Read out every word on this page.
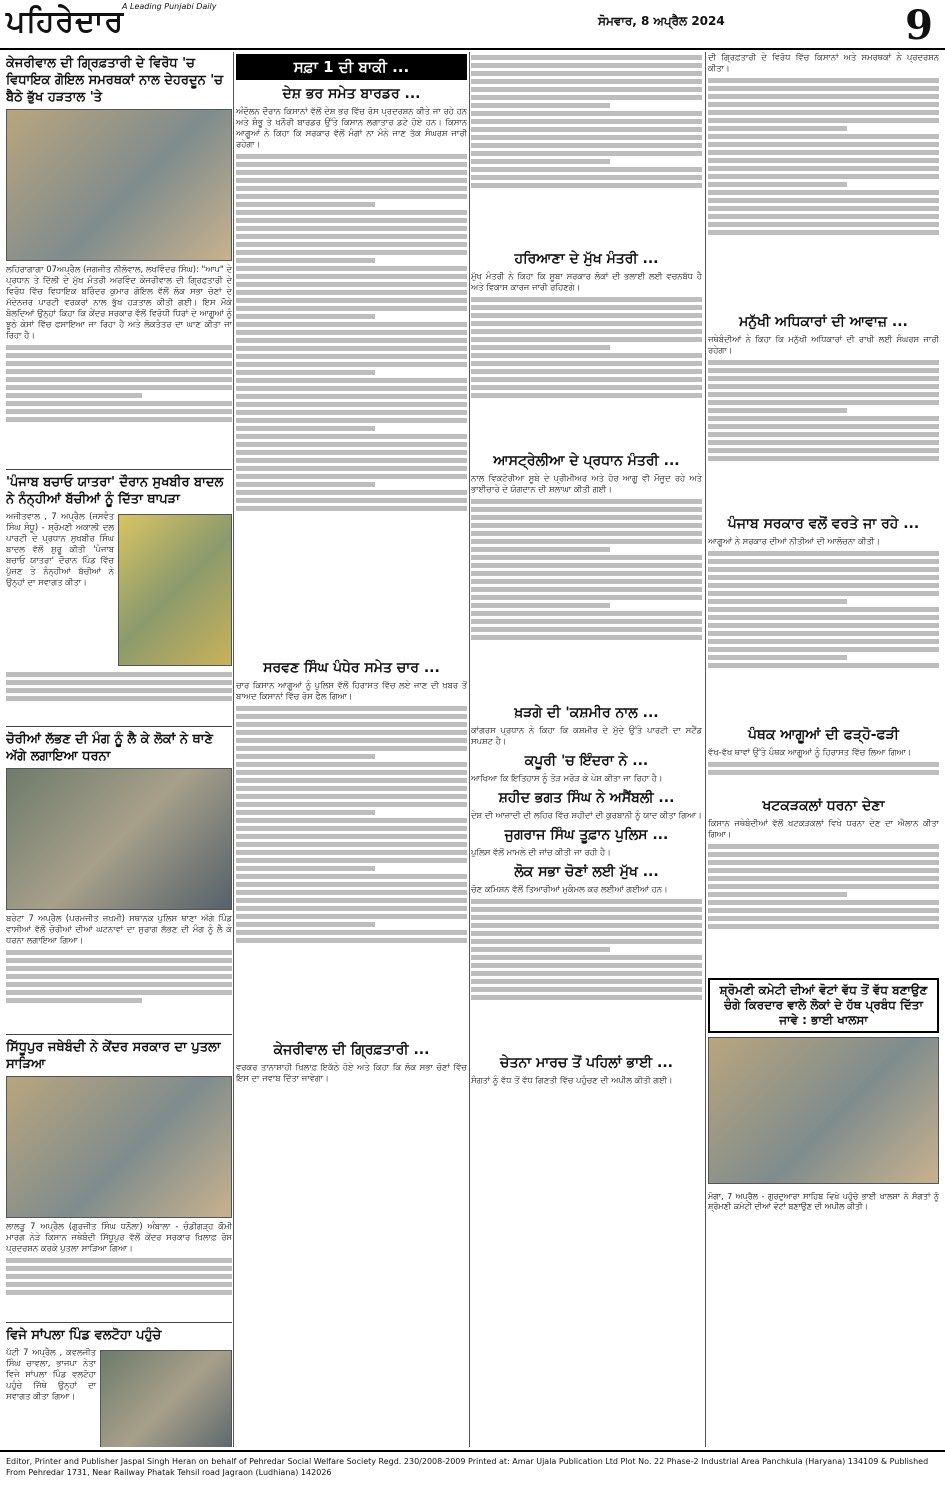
ਪਹਿਰੇਦਾਰ
A Leading Punjabi Daily
ਸੋਮਵਾਰ, 8 ਅਪ੍ਰੈਲ 2024	9
ਕੇਜਰੀਵਾਲ ਦੀ ਗ੍ਰਿਫ਼ਤਾਰੀ ਦੇ ਵਿਰੋਧ 'ਚ ਵਿਧਾਇਕ ਗੋਇਲ ਸਮਰਥਕਾਂ ਨਾਲ ਦੇਹਰਦੂਨ 'ਚ ਬੈਠੇ ਭੁੱਖ ਹੜਤਾਲ 'ਤੇ

ਲਹਿਰਾਗਾਗਾ 07ਅਪ੍ਰੈਲ (ਜਗਜੀਤ ਨੀਲੋਵਾਲ, ਲਖਵਿੰਦਰ ਸਿੰਘ): "ਆਪ" ਦੇ ਪ੍ਰਧਾਨ ਤੇ ਦਿੱਲੀ ਦੇ ਮੁੱਖ ਮੰਤਰੀ ਅਰਵਿੰਦ ਕੇਜਰੀਵਾਲ ਦੀ ਗ੍ਰਿਫਤਾਰੀ ਦੇ ਵਿਰੋਧ ਵਿੱਚ ਵਿਧਾਇਕ ਬਰਿੰਦਰ ਕੁਮਾਰ ਗੋਇਲ ਵੱਲੋਂ ਲੋਕ ਸਭਾ ਚੋਣਾਂ ਦੇ ਮੱਦੇਨਜ਼ਰ ਪਾਰਟੀ ਵਰਕਰਾਂ ਨਾਲ ਭੁੱਖ ਹੜਤਾਲ ਕੀਤੀ ਗਈ। ਇਸ ਮੌਕੇ ਬੋਲਦਿਆਂ ਉਨ੍ਹਾਂ ਕਿਹਾ ਕਿ ਕੇਂਦਰ ਸਰਕਾਰ ਵੱਲੋਂ ਵਿਰੋਧੀ ਧਿਰਾਂ ਦੇ ਆਗੂਆਂ ਨੂੰ ਝੂਠੇ ਕੇਸਾਂ ਵਿੱਚ ਫਸਾਇਆ ਜਾ ਰਿਹਾ ਹੈ ਅਤੇ ਲੋਕਤੰਤਰ ਦਾ ਘਾਣ ਕੀਤਾ ਜਾ ਰਿਹਾ ਹੈ।

'ਪੰਜਾਬ ਬਚਾਓ ਯਾਤਰਾ' ਦੌਰਾਨ ਸੁਖਬੀਰ ਬਾਦਲ ਨੇ ਨੰਨ੍ਹੀਆਂ ਬੱਚੀਆਂ ਨੂੰ ਦਿੱਤਾ ਥਾਪੜਾ

ਅਜੀਤਵਾਲ , 7 ਅਪ੍ਰੈਲ (ਜਸਵੰਤ ਸਿੰਘ ਸੰਧੂ) - ਸ਼੍ਰੋਮਣੀ ਅਕਾਲੀ ਦਲ ਪਾਰਟੀ ਦੇ ਪ੍ਰਧਾਨ ਸੁਖਬੀਰ ਸਿੰਘ ਬਾਦਲ ਵੱਲੋਂ ਸ਼ੁਰੂ ਕੀਤੀ 'ਪੰਜਾਬ ਬਚਾਓ ਯਾਤਰਾ' ਦੌਰਾਨ ਪਿੰਡ ਵਿੱਚ ਪੁੱਜਣ ਤੇ ਨੰਨ੍ਹੀਆਂ ਬੱਚੀਆਂ ਨੇ ਉਨ੍ਹਾਂ ਦਾ ਸਵਾਗਤ ਕੀਤਾ।

ਚੋਰੀਆਂ ਲੱਭਣ ਦੀ ਮੰਗ ਨੂੰ ਲੈ ਕੇ ਲੋਕਾਂ ਨੇ ਥਾਣੇ ਅੱਗੇ ਲਗਾਇਆ ਧਰਨਾ

ਬਰੇਟਾ 7 ਅਪ੍ਰੈਲ (ਪਰਮਜੀਤ ਜ਼ਖ਼ਮੀ) ਸਥਾਨਕ ਪੁਲਿਸ ਥਾਣਾ ਅੱਗੇ ਪਿੰਡ ਵਾਸੀਆਂ ਵੱਲੋਂ ਚੋਰੀਆਂ ਦੀਆਂ ਘਟਨਾਵਾਂ ਦਾ ਸੁਰਾਗ ਲੱਭਣ ਦੀ ਮੰਗ ਨੂੰ ਲੈ ਕੇ ਧਰਨਾ ਲਗਾਇਆ ਗਿਆ।

ਸਿੱਧੂਪੁਰ ਜਥੇਬੰਦੀ ਨੇ ਕੇਂਦਰ ਸਰਕਾਰ ਦਾ ਪੁਤਲਾ ਸਾੜਿਆ

ਲਾਲੜੂ 7 ਅਪ੍ਰੈਲ (ਗੁਰਜੀਤ ਸਿੰਘ ਧਨੌਲਾ) ਅੰਬਾਲਾ - ਚੰਡੀਗੜ੍ਹ ਕੌਮੀ ਮਾਰਗ ਨੇੜੇ ਕਿਸਾਨ ਜਥੇਬੰਦੀ ਸਿੱਧੂਪੁਰ ਵੱਲੋਂ ਕੇਂਦਰ ਸਰਕਾਰ ਖ਼ਿਲਾਫ਼ ਰੋਸ ਪ੍ਰਦਰਸ਼ਨ ਕਰਕੇ ਪੁਤਲਾ ਸਾੜਿਆ ਗਿਆ।

ਵਿਜੇ ਸਾਂਪਲਾ ਪਿੰਡ ਵਲਟੋਹਾ ਪਹੁੰਚੇ

ਪੱਟੀ 7 ਅਪ੍ਰੈਲ , ਕਵਲਜੀਤ ਸਿੰਘ ਚਾਵਲਾ, ਭਾਜਪਾ ਨੇਤਾ ਵਿਜੇ ਸਾਂਪਲਾ ਪਿੰਡ ਵਲਟੋਹਾ ਪਹੁੰਚੇ ਜਿੱਥੇ ਉਨ੍ਹਾਂ ਦਾ ਸਵਾਗਤ ਕੀਤਾ ਗਿਆ।

ਸਫ਼ਾ 1 ਦੀ ਬਾਕੀ ...
ਦੇਸ਼ ਭਰ ਸਮੇਤ ਬਾਰਡਰ ...

ਅੰਦੋਲਨ ਦੌਰਾਨ ਕਿਸਾਨਾਂ ਵੱਲੋਂ ਦੇਸ਼ ਭਰ ਵਿੱਚ ਰੋਸ ਪ੍ਰਦਰਸ਼ਨ ਕੀਤੇ ਜਾ ਰਹੇ ਹਨ ਅਤੇ ਸ਼ੰਭੂ ਤੇ ਖਨੌਰੀ ਬਾਰਡਰ ਉੱਤੇ ਕਿਸਾਨ ਲਗਾਤਾਰ ਡਟੇ ਹੋਏ ਹਨ। ਕਿਸਾਨ ਆਗੂਆਂ ਨੇ ਕਿਹਾ ਕਿ ਸਰਕਾਰ ਵੱਲੋਂ ਮੰਗਾਂ ਨਾ ਮੰਨੇ ਜਾਣ ਤੱਕ ਸੰਘਰਸ਼ ਜਾਰੀ ਰਹੇਗਾ।

ਸਰਵਣ ਸਿੰਘ ਪੰਧੇਰ ਸਮੇਤ ਚਾਰ ...

ਚਾਰ ਕਿਸਾਨ ਆਗੂਆਂ ਨੂੰ ਪੁਲਿਸ ਵੱਲੋਂ ਹਿਰਾਸਤ ਵਿੱਚ ਲਏ ਜਾਣ ਦੀ ਖ਼ਬਰ ਤੋਂ ਬਾਅਦ ਕਿਸਾਨਾਂ ਵਿੱਚ ਰੋਸ ਫੈਲ ਗਿਆ।

ਕੇਜਰੀਵਾਲ ਦੀ ਗ੍ਰਿਫ਼ਤਾਰੀ ...

ਵਰਕਰ ਤਾਨਾਸ਼ਾਹੀ ਖ਼ਿਲਾਫ਼ ਇਕੱਠੇ ਹੋਏ ਅਤੇ ਕਿਹਾ ਕਿ ਲੋਕ ਸਭਾ ਚੋਣਾਂ ਵਿੱਚ ਇਸ ਦਾ ਜਵਾਬ ਦਿੱਤਾ ਜਾਵੇਗਾ।

ਹਰਿਆਣਾ ਦੇ ਮੁੱਖ ਮੰਤਰੀ ...

ਮੁੱਖ ਮੰਤਰੀ ਨੇ ਕਿਹਾ ਕਿ ਸੂਬਾ ਸਰਕਾਰ ਲੋਕਾਂ ਦੀ ਭਲਾਈ ਲਈ ਵਚਨਬੱਧ ਹੈ ਅਤੇ ਵਿਕਾਸ ਕਾਰਜ ਜਾਰੀ ਰਹਿਣਗੇ।

ਆਸਟ੍ਰੇਲੀਆ ਦੇ ਪ੍ਰਧਾਨ ਮੰਤਰੀ ...

ਨਾਲ ਵਿਕਟੋਰੀਆ ਸੂਬੇ ਦੇ ਪ੍ਰੀਮੀਅਰ ਅਤੇ ਹੋਰ ਆਗੂ ਵੀ ਮੌਜੂਦ ਰਹੇ ਅਤੇ ਭਾਈਚਾਰੇ ਦੇ ਯੋਗਦਾਨ ਦੀ ਸ਼ਲਾਘਾ ਕੀਤੀ ਗਈ।

ਖ਼ੜਗੇ ਦੀ 'ਕਸ਼ਮੀਰ ਨਾਲ ...

ਕਾਂਗਰਸ ਪ੍ਰਧਾਨ ਨੇ ਕਿਹਾ ਕਿ ਕਸ਼ਮੀਰ ਦੇ ਮੁੱਦੇ ਉੱਤੇ ਪਾਰਟੀ ਦਾ ਸਟੈਂਡ ਸਪਸ਼ਟ ਹੈ।

ਕਪੂਰੀ 'ਚ ਇੰਦਰਾ ਨੇ ...

ਆਖਿਆ ਕਿ ਇਤਿਹਾਸ ਨੂੰ ਤੋੜ ਮਰੋੜ ਕੇ ਪੇਸ਼ ਕੀਤਾ ਜਾ ਰਿਹਾ ਹੈ।

ਸ਼ਹੀਦ ਭਗਤ ਸਿੰਘ ਨੇ ਅਸੈਂਬਲੀ ...

ਦੇਸ਼ ਦੀ ਆਜ਼ਾਦੀ ਦੀ ਲਹਿਰ ਵਿੱਚ ਸ਼ਹੀਦਾਂ ਦੀ ਕੁਰਬਾਨੀ ਨੂੰ ਯਾਦ ਕੀਤਾ ਗਿਆ।

ਜੁਗਰਾਜ ਸਿੰਘ ਤੂਫ਼ਾਨ ਪੁਲਿਸ ...

ਪੁਲਿਸ ਵੱਲੋਂ ਮਾਮਲੇ ਦੀ ਜਾਂਚ ਕੀਤੀ ਜਾ ਰਹੀ ਹੈ।

ਲੋਕ ਸਭਾ ਚੋਣਾਂ ਲਈ ਮੁੱਖ ...

ਚੋਣ ਕਮਿਸ਼ਨ ਵੱਲੋਂ ਤਿਆਰੀਆਂ ਮੁਕੰਮਲ ਕਰ ਲਈਆਂ ਗਈਆਂ ਹਨ।

ਚੇਤਨਾ ਮਾਰਚ ਤੋਂ ਪਹਿਲਾਂ ਭਾਈ ...

ਸੰਗਤਾਂ ਨੂੰ ਵੱਧ ਤੋਂ ਵੱਧ ਗਿਣਤੀ ਵਿੱਚ ਪਹੁੰਚਣ ਦੀ ਅਪੀਲ ਕੀਤੀ ਗਈ।

ਦੀ ਗ੍ਰਿਫ਼ਤਾਰੀ ਦੇ ਵਿਰੋਧ ਵਿੱਚ ਕਿਸਾਨਾਂ ਅਤੇ ਸਮਰਥਕਾਂ ਨੇ ਪ੍ਰਦਰਸ਼ਨ ਕੀਤਾ।

ਮਨੁੱਖੀ ਅਧਿਕਾਰਾਂ ਦੀ ਆਵਾਜ਼ ...

ਜਥੇਬੰਦੀਆਂ ਨੇ ਕਿਹਾ ਕਿ ਮਨੁੱਖੀ ਅਧਿਕਾਰਾਂ ਦੀ ਰਾਖੀ ਲਈ ਸੰਘਰਸ਼ ਜਾਰੀ ਰਹੇਗਾ।

ਪੰਜਾਬ ਸਰਕਾਰ ਵਲੋਂ ਵਰਤੇ ਜਾ ਰਹੇ ...

ਆਗੂਆਂ ਨੇ ਸਰਕਾਰ ਦੀਆਂ ਨੀਤੀਆਂ ਦੀ ਆਲੋਚਨਾ ਕੀਤੀ।

ਪੰਥਕ ਆਗੂਆਂ ਦੀ ਫੜ੍ਹੋ-ਫੜੀ

ਵੱਖ-ਵੱਖ ਥਾਵਾਂ ਉੱਤੇ ਪੰਥਕ ਆਗੂਆਂ ਨੂੰ ਹਿਰਾਸਤ ਵਿੱਚ ਲਿਆ ਗਿਆ।

ਖਟਕੜਕਲਾਂ ਧਰਨਾ ਦੇਣਾ

ਕਿਸਾਨ ਜਥੇਬੰਦੀਆਂ ਵੱਲੋਂ ਖਟਕੜਕਲਾਂ ਵਿਖੇ ਧਰਨਾ ਦੇਣ ਦਾ ਐਲਾਨ ਕੀਤਾ ਗਿਆ।

ਸ਼੍ਰੋਮਣੀ ਕਮੇਟੀ ਦੀਆਂ ਵੋਟਾਂ ਵੱਧ ਤੋਂ ਵੱਧ ਬਣਾਉਣ ਚੰਗੇ ਕਿਰਦਾਰ ਵਾਲੇ ਲੋਕਾਂ ਦੇ ਹੱਥ ਪ੍ਰਬੰਧ ਦਿੱਤਾ ਜਾਵੇ : ਭਾਈ ਖਾਲਸਾ

ਮੋਗਾ, 7 ਅਪ੍ਰੈਲ - ਗੁਰਦੁਆਰਾ ਸਾਹਿਬ ਵਿਖੇ ਪਹੁੰਚੇ ਭਾਈ ਖਾਲਸਾ ਨੇ ਸੰਗਤਾਂ ਨੂੰ ਸ਼੍ਰੋਮਣੀ ਕਮੇਟੀ ਦੀਆਂ ਵੋਟਾਂ ਬਣਾਉਣ ਦੀ ਅਪੀਲ ਕੀਤੀ।

Editor, Printer and Publisher Jaspal Singh Heran on behalf of Pehredar Social Welfare Society Regd. 230/2008-2009 Printed at: Amar Ujala Publication Ltd Plot No. 22 Phase-2 Industrial Area Panchkula (Haryana) 134109 & Published From Pehredar 1731, Near Railway Phatak Tehsil road Jagraon (Ludhiana) 142026
